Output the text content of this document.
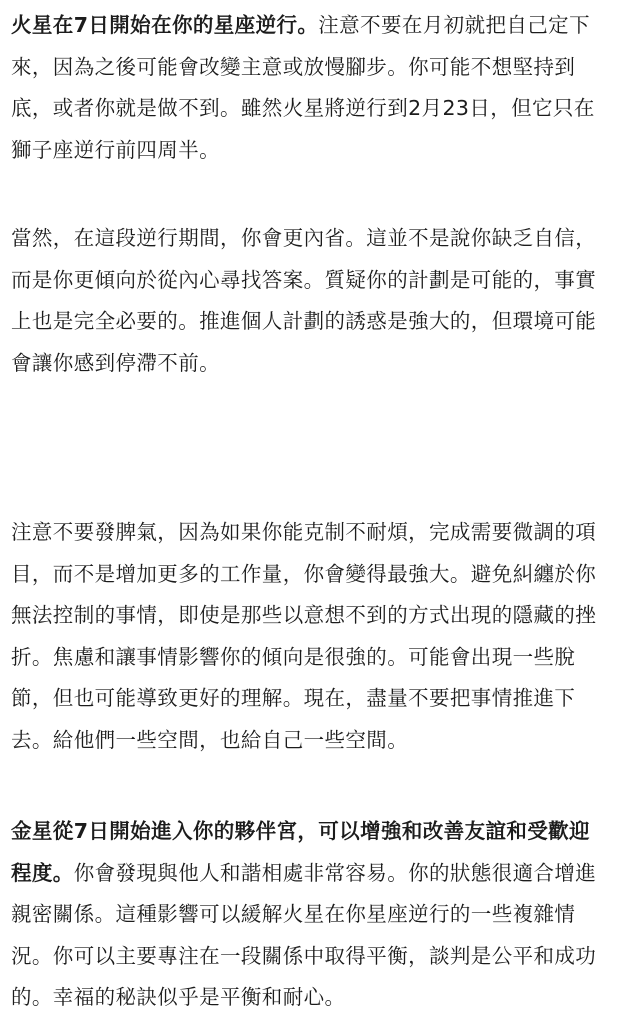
火星在7日開始在你的星座逆行。注意不要在月初就把自己定下
來，因為之後可能會改變主意或放慢腳步。你可能不想堅持到
底，或者你就是做不到。雖然火星將逆行到2月23日，但它只在
獅子座逆行前四周半。

當然，在這段逆行期間，你會更內省。這並不是說你缺乏自信，
而是你更傾向於從內心尋找答案。質疑你的計劃是可能的，事實
上也是完全必要的。推進個人計劃的誘惑是強大的，但環境可能
會讓你感到停滯不前。

注意不要發脾氣，因為如果你能克制不耐煩，完成需要微調的項
目，而不是增加更多的工作量，你會變得最強大。避免糾纏於你
無法控制的事情，即使是那些以意想不到的方式出現的隱藏的挫
折。焦慮和讓事情影響你的傾向是很強的。可能會出現一些脫
節，但也可能導致更好的理解。現在，盡量不要把事情推進下
去。給他們一些空間，也給自己一些空間。

金星從7日開始進入你的夥伴宮，可以增強和改善友誼和受歡迎
程度。你會發現與他人和諧相處非常容易。你的狀態很適合增進
親密關係。這種影響可以緩解火星在你星座逆行的一些複雜情
況。你可以主要專注在一段關係中取得平衡，談判是公平和成功
的。幸福的秘訣似乎是平衡和耐心。
